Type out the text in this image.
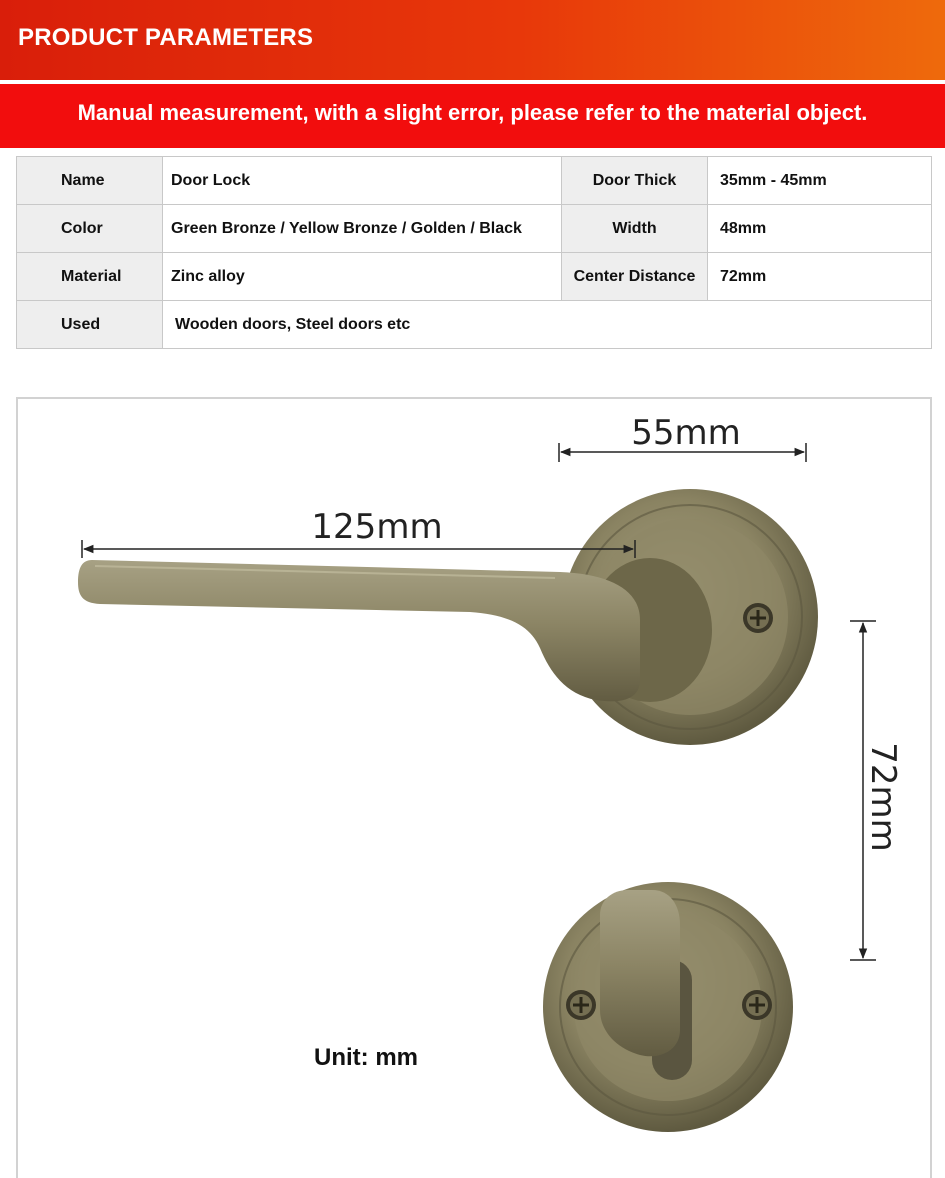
PRODUCT PARAMETERS
Manual measurement, with a slight error, please refer to the material object.
Name	Door Lock	Door Thick	35mm - 45mm
Color	Green Bronze / Yellow Bronze / Golden / Black	Width	48mm
Material	Zinc alloy	Center Distance	72mm
Used	Wooden doors, Steel doors etc		
55mm
125mm
72mm
Unit: mm
